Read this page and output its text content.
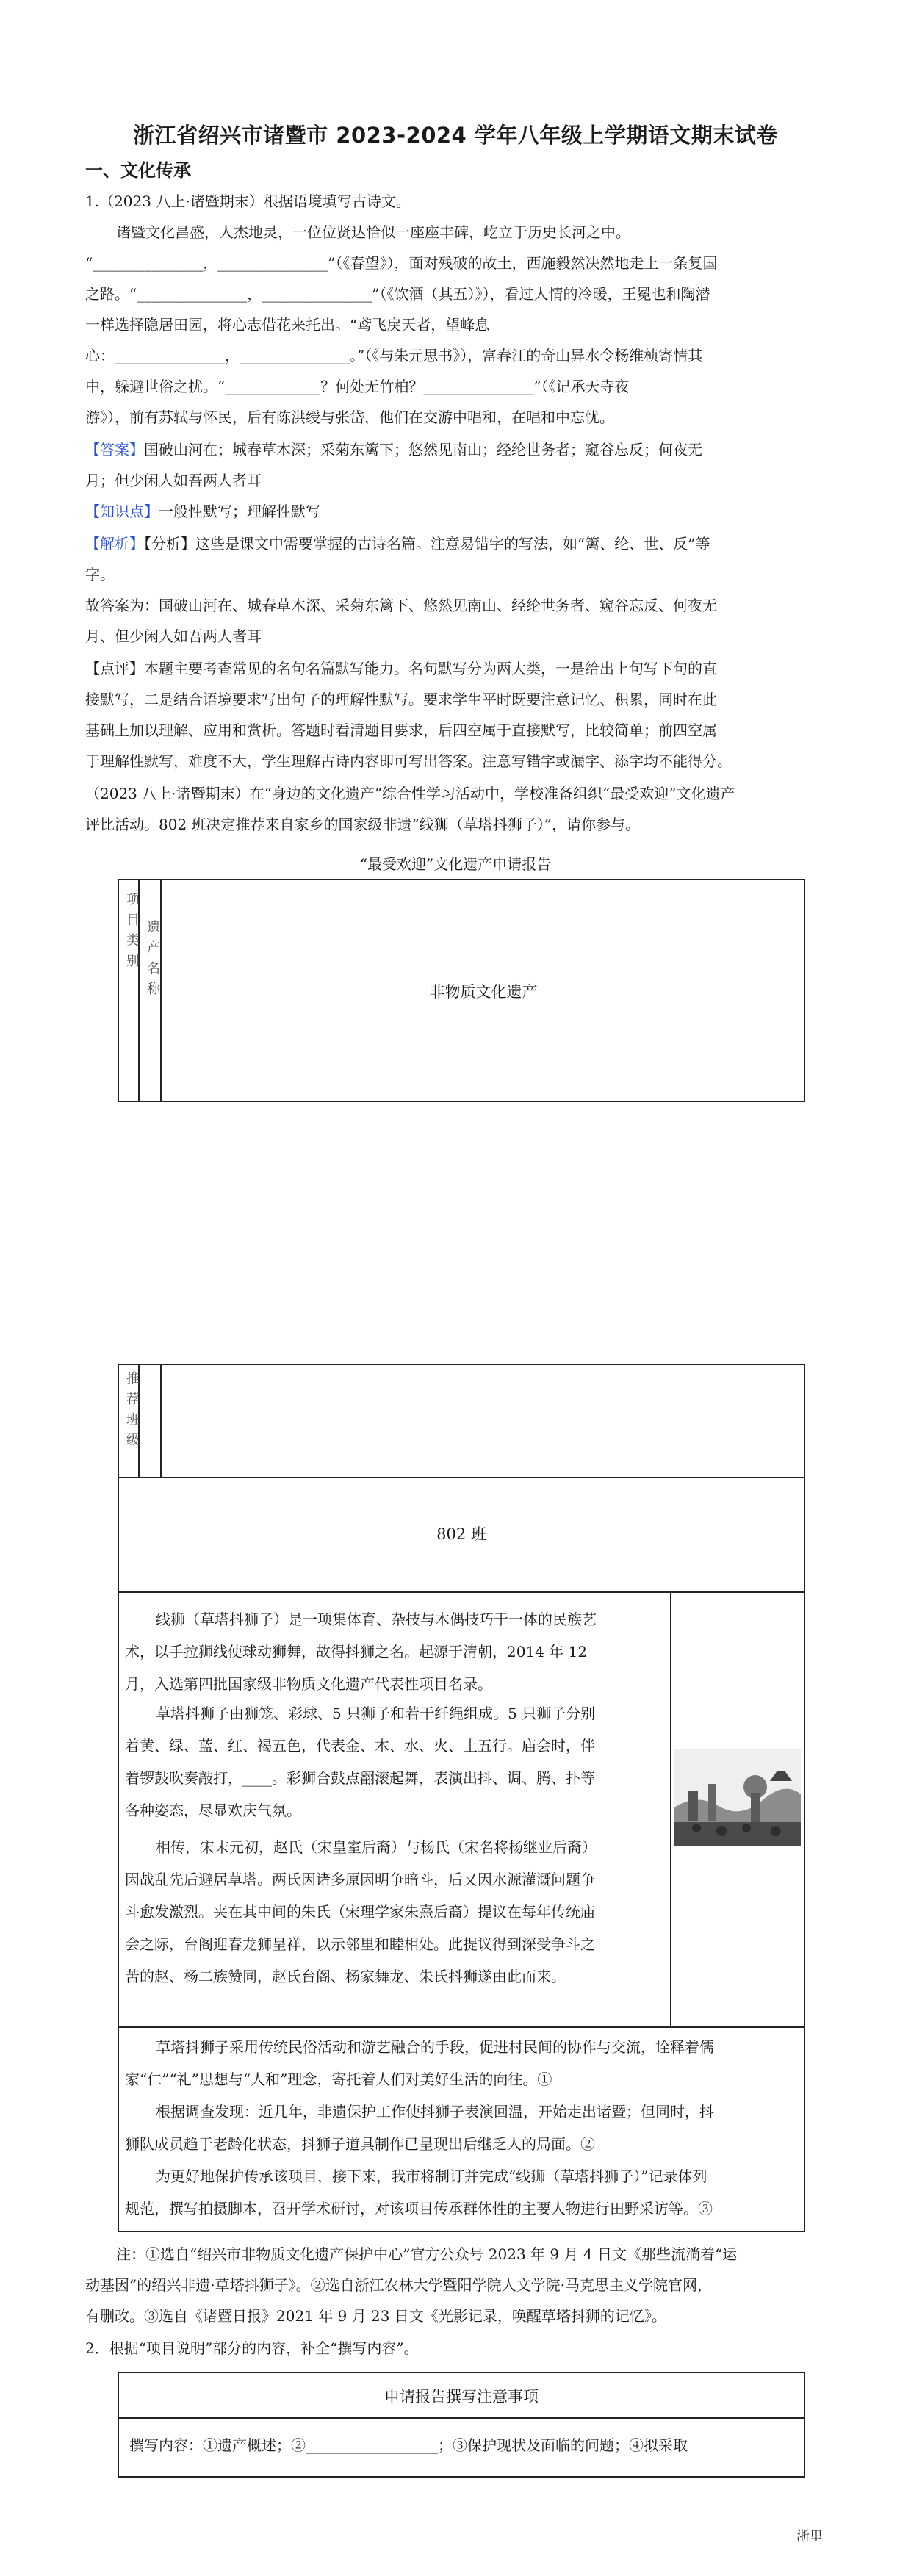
浙江省绍兴市诸暨市 2023-2024 学年八年级上学期语文期末试卷
一、文化传承
1.（2023 八上·诸暨期末）根据语境填写古诗文。
诸暨文化昌盛，人杰地灵，一位位贤达恰似一座座丰碑，屹立于历史长河之中。
“_______________，_______________”（《春望》），面对残破的故土，西施毅然决然地走上一条复国
之路。“_______________，_______________”（《饮酒（其五）》），看过人情的冷暖，王冕也和陶潜
一样选择隐居田园，将心志借花来托出。“鸢飞戾天者，望峰息
心：_______________，_______________。”（《与朱元思书》），富春江的奇山异水令杨维桢寄情其
中，躲避世俗之扰。“_____________？何处无竹柏？_______________”（《记承天寺夜
游》），前有苏轼与怀民，后有陈洪绶与张岱，他们在交游中唱和，在唱和中忘忧。
【答案】国破山河在；城春草木深；采菊东篱下；悠然见南山；经纶世务者；窥谷忘反；何夜无
月；但少闲人如吾两人者耳
【知识点】一般性默写；理解性默写
【解析】【分析】这些是课文中需要掌握的古诗名篇。注意易错字的写法，如“篱、纶、世、反”等
字。
故答案为：国破山河在、城春草木深、采菊东篱下、悠然见南山、经纶世务者、窥谷忘反、何夜无
月、但少闲人如吾两人者耳
【点评】本题主要考查常见的名句名篇默写能力。名句默写分为两大类，一是给出上句写下句的直
接默写，二是结合语境要求写出句子的理解性默写。要求学生平时既要注意记忆、积累，同时在此
基础上加以理解、应用和赏析。答题时看清题目要求，后四空属于直接默写，比较简单；前四空属
于理解性默写，难度不大，学生理解古诗内容即可写出答案。注意写错字或漏字、添字均不能得分。
（2023 八上·诸暨期末）在“身边的文化遗产”综合性学习活动中，学校准备组织“最受欢迎”文化遗产
评比活动。802 班决定推荐来自家乡的国家级非遗“线狮（草塔抖狮子）”，请你参与。
“最受欢迎”文化遗产申请报告
项目类别 遗产名称	非物质文化遗产
推荐班级
802 班
线狮（草塔抖狮子）是一项集体育、杂技与木偶技巧于一体的民族艺
术，以手拉狮线使球动狮舞，故得抖狮之名。起源于清朝，2014 年 12
月，入选第四批国家级非物质文化遗产代表性项目名录。
草塔抖狮子由狮笼、彩球、5 只狮子和若干纤绳组成。5 只狮子分别
着黄、绿、蓝、红、褐五色，代表金、木、水、火、土五行。庙会时，伴
着锣鼓吹奏敲打，____。彩狮合鼓点翻滚起舞，表演出抖、调、腾、扑等
各种姿态，尽显欢庆气氛。
相传，宋末元初，赵氏（宋皇室后裔）与杨氏（宋名将杨继业后裔）
因战乱先后避居草塔。两氏因诸多原因明争暗斗，后又因水源灌溉问题争
斗愈发激烈。夹在其中间的朱氏（宋理学家朱熹后裔）提议在每年传统庙
会之际，台阁迎春龙狮呈祥，以示邻里和睦相处。此提议得到深受争斗之
苦的赵、杨二族赞同，赵氏台阁、杨家舞龙、朱氏抖狮遂由此而来。
草塔抖狮子采用传统民俗活动和游艺融合的手段，促进村民间的协作与交流，诠释着儒
家“仁”“礼”思想与“人和”理念，寄托着人们对美好生活的向往。①
根据调查发现：近几年，非遗保护工作使抖狮子表演回温，开始走出诸暨；但同时，抖
狮队成员趋于老龄化状态，抖狮子道具制作已呈现出后继乏人的局面。②
为更好地保护传承该项目，接下来，我市将制订并完成“线狮（草塔抖狮子）”记录体列
规范，撰写拍摄脚本，召开学术研讨，对该项目传承群体性的主要人物进行田野采访等。③
注：①选自“绍兴市非物质文化遗产保护中心”官方公众号 2023 年 9 月 4 日文《那些流淌着“运
动基因”的绍兴非遗·草塔抖狮子》。②选自浙江农林大学暨阳学院人文学院·马克思主义学院官网，
有删改。③选自《诸暨日报》2021 年 9 月 23 日文《光影记录，唤醒草塔抖狮的记忆》。
2．根据“项目说明”部分的内容，补全“撰写内容”。
申请报告撰写注意事项
撰写内容：①遗产概述；②__________________；③保护现状及面临的问题；④拟采取
浙里
